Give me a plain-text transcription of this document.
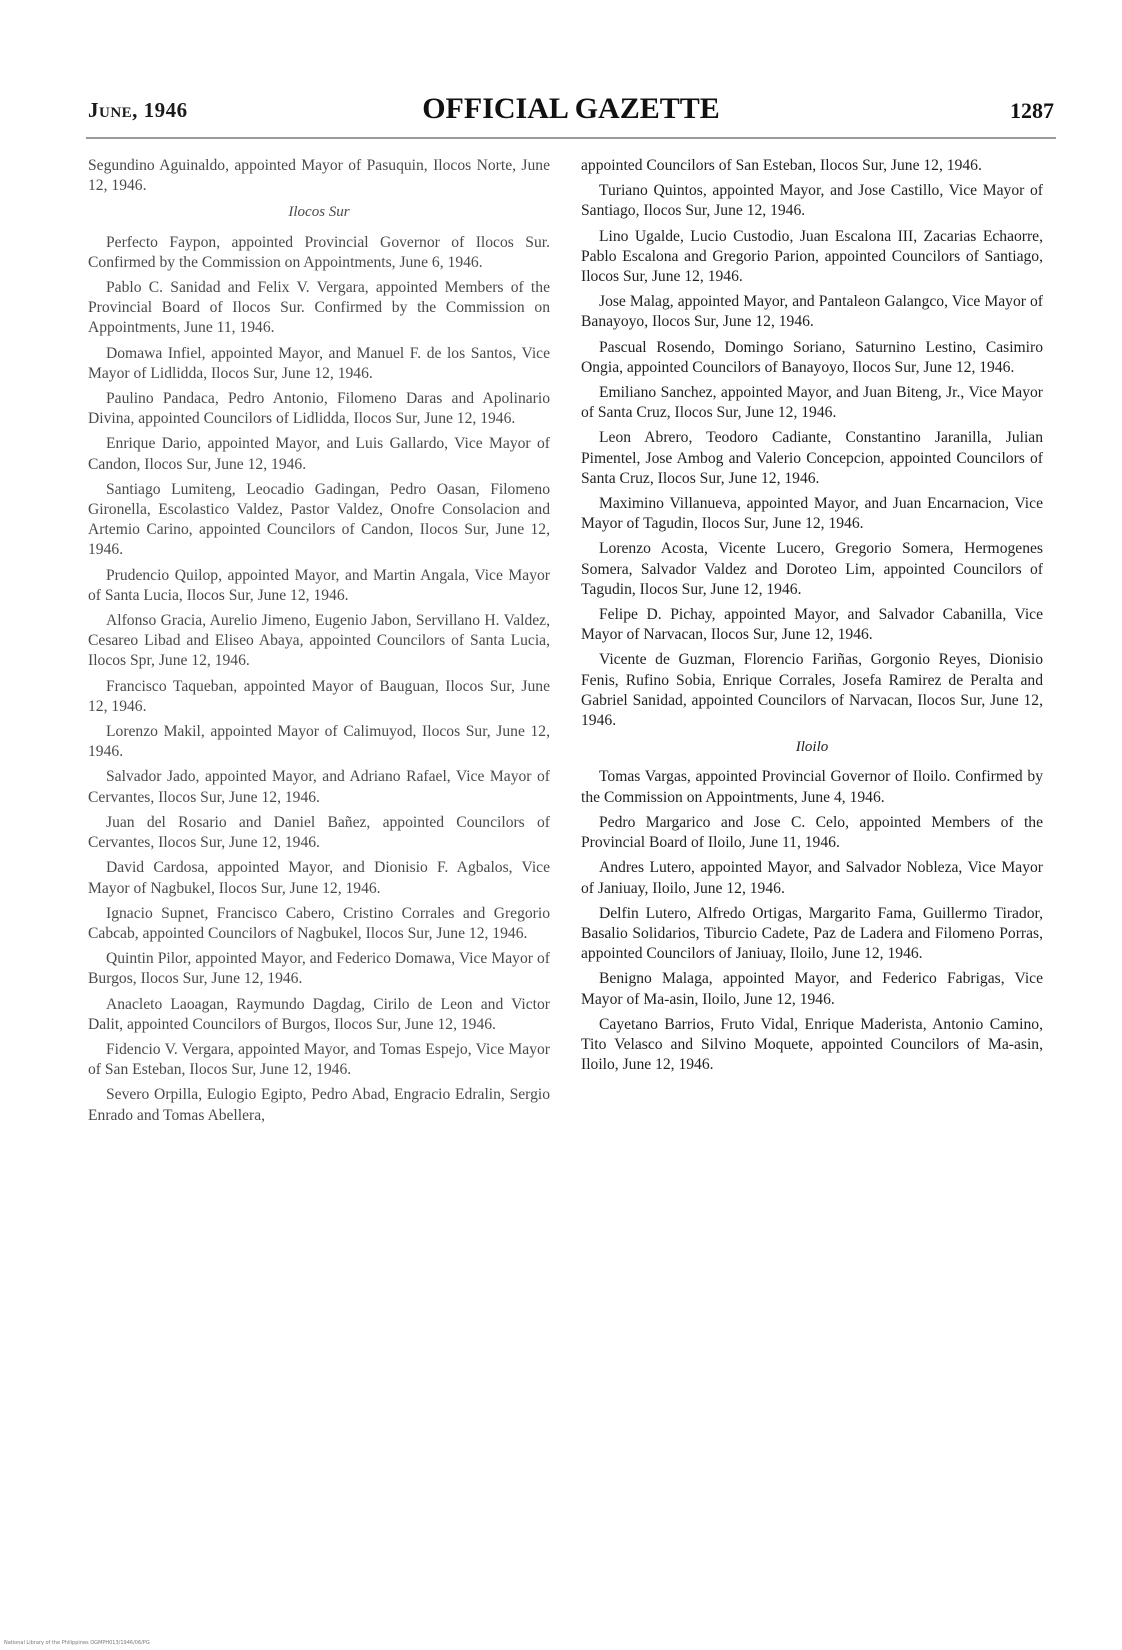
June, 1946	OFFICIAL GAZETTE	1287

Segundino Aguinaldo, appointed Mayor of Pasuquin, Ilocos Norte, June 12, 1946.

Ilocos Sur

Perfecto Faypon, appointed Provincial Governor of Ilocos Sur. Confirmed by the Commission on Appointments, June 6, 1946.

Pablo C. Sanidad and Felix V. Vergara, appointed Members of the Provincial Board of Ilocos Sur. Confirmed by the Commission on Appointments, June 11, 1946.

Domawa Infiel, appointed Mayor, and Manuel F. de los Santos, Vice Mayor of Lidlidda, Ilocos Sur, June 12, 1946.

Paulino Pandaca, Pedro Antonio, Filomeno Daras and Apolinario Divina, appointed Councilors of Lidlidda, Ilocos Sur, June 12, 1946.

Enrique Dario, appointed Mayor, and Luis Gallardo, Vice Mayor of Candon, Ilocos Sur, June 12, 1946.

Santiago Lumiteng, Leocadio Gadingan, Pedro Oasan, Filomeno Gironella, Escolastico Valdez, Pastor Valdez, Onofre Consolacion and Artemio Carino, appointed Councilors of Candon, Ilocos Sur, June 12, 1946.

Prudencio Quilop, appointed Mayor, and Martin Angala, Vice Mayor of Santa Lucia, Ilocos Sur, June 12, 1946.

Alfonso Gracia, Aurelio Jimeno, Eugenio Jabon, Servillano H. Valdez, Cesareo Libad and Eliseo Abaya, appointed Councilors of Santa Lucia, Ilocos Spr, June 12, 1946.

Francisco Taqueban, appointed Mayor of Bauguan, Ilocos Sur, June 12, 1946.

Lorenzo Makil, appointed Mayor of Calimuyod, Ilocos Sur, June 12, 1946.

Salvador Jado, appointed Mayor, and Adriano Rafael, Vice Mayor of Cervantes, Ilocos Sur, June 12, 1946.

Juan del Rosario and Daniel Bañez, appointed Councilors of Cervantes, Ilocos Sur, June 12, 1946.

David Cardosa, appointed Mayor, and Dionisio F. Agbalos, Vice Mayor of Nagbukel, Ilocos Sur, June 12, 1946.

Ignacio Supnet, Francisco Cabero, Cristino Corrales and Gregorio Cabcab, appointed Councilors of Nagbukel, Ilocos Sur, June 12, 1946.

Quintin Pilor, appointed Mayor, and Federico Domawa, Vice Mayor of Burgos, Ilocos Sur, June 12, 1946.

Anacleto Laoagan, Raymundo Dagdag, Cirilo de Leon and Victor Dalit, appointed Councilors of Burgos, Ilocos Sur, June 12, 1946.

Fidencio V. Vergara, appointed Mayor, and Tomas Espejo, Vice Mayor of San Esteban, Ilocos Sur, June 12, 1946.

Severo Orpilla, Eulogio Egipto, Pedro Abad, Engracio Edralin, Sergio Enrado and Tomas Abellera,

appointed Councilors of San Esteban, Ilocos Sur, June 12, 1946.

Turiano Quintos, appointed Mayor, and Jose Castillo, Vice Mayor of Santiago, Ilocos Sur, June 12, 1946.

Lino Ugalde, Lucio Custodio, Juan Escalona III, Zacarias Echaorre, Pablo Escalona and Gregorio Parion, appointed Councilors of Santiago, Ilocos Sur, June 12, 1946.

Jose Malag, appointed Mayor, and Pantaleon Galangco, Vice Mayor of Banayoyo, Ilocos Sur, June 12, 1946.

Pascual Rosendo, Domingo Soriano, Saturnino Lestino, Casimiro Ongia, appointed Councilors of Banayoyo, Ilocos Sur, June 12, 1946.

Emiliano Sanchez, appointed Mayor, and Juan Biteng, Jr., Vice Mayor of Santa Cruz, Ilocos Sur, June 12, 1946.

Leon Abrero, Teodoro Cadiante, Constantino Jaranilla, Julian Pimentel, Jose Ambog and Valerio Concepcion, appointed Councilors of Santa Cruz, Ilocos Sur, June 12, 1946.

Maximino Villanueva, appointed Mayor, and Juan Encarnacion, Vice Mayor of Tagudin, Ilocos Sur, June 12, 1946.

Lorenzo Acosta, Vicente Lucero, Gregorio Somera, Hermogenes Somera, Salvador Valdez and Doroteo Lim, appointed Councilors of Tagudin, Ilocos Sur, June 12, 1946.

Felipe D. Pichay, appointed Mayor, and Salvador Cabanilla, Vice Mayor of Narvacan, Ilocos Sur, June 12, 1946.

Vicente de Guzman, Florencio Fariñas, Gorgonio Reyes, Dionisio Fenis, Rufino Sobia, Enrique Corrales, Josefa Ramirez de Peralta and Gabriel Sanidad, appointed Councilors of Narvacan, Ilocos Sur, June 12, 1946.

Iloilo

Tomas Vargas, appointed Provincial Governor of Iloilo. Confirmed by the Commission on Appointments, June 4, 1946.

Pedro Margarico and Jose C. Celo, appointed Members of the Provincial Board of Iloilo, June 11, 1946.

Andres Lutero, appointed Mayor, and Salvador Nobleza, Vice Mayor of Janiuay, Iloilo, June 12, 1946.

Delfin Lutero, Alfredo Ortigas, Margarito Fama, Guillermo Tirador, Basalio Solidarios, Tiburcio Cadete, Paz de Ladera and Filomeno Porras, appointed Councilors of Janiuay, Iloilo, June 12, 1946.

Benigno Malaga, appointed Mayor, and Federico Fabrigas, Vice Mayor of Ma-asin, Iloilo, June 12, 1946.

Cayetano Barrios, Fruto Vidal, Enrique Maderista, Antonio Camino, Tito Velasco and Silvino Moquete, appointed Councilors of Ma-asin, Iloilo, June 12, 1946.

National Library of the Philippines OGMPH013/1946/06/PG
